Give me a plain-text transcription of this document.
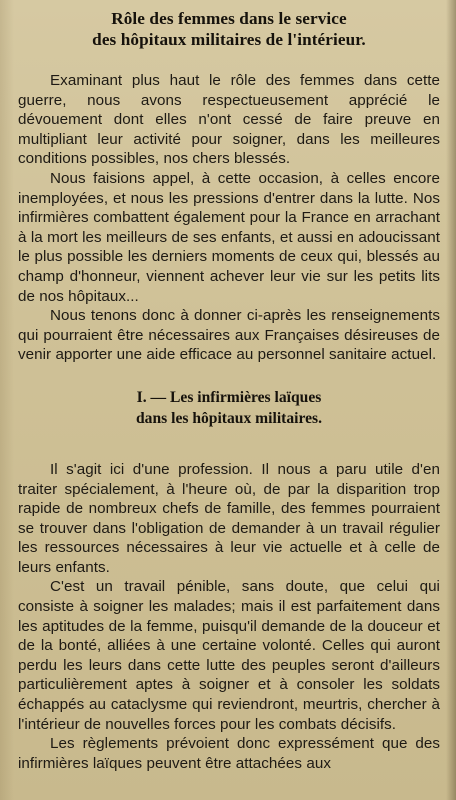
Rôle des femmes dans le service
des hôpitaux militaires de l'intérieur.

Examinant plus haut le rôle des femmes dans cette guerre, nous avons respectueusement apprécié le dévouement dont elles n'ont cessé de faire preuve en multipliant leur activité pour soigner, dans les meilleures conditions possibles, nos chers blessés.

Nous faisions appel, à cette occasion, à celles encore inemployées, et nous les pressions d'entrer dans la lutte. Nos infirmières combattent également pour la France en arrachant à la mort les meilleurs de ses enfants, et aussi en adoucissant le plus possible les derniers moments de ceux qui, blessés au champ d'honneur, viennent achever leur vie sur les petits lits de nos hôpitaux...

Nous tenons donc à donner ci-après les renseignements qui pourraient être nécessaires aux Françaises désireuses de venir apporter une aide efficace au personnel sanitaire actuel.

I. — Les infirmières laïques
dans les hôpitaux militaires.

Il s'agit ici d'une profession. Il nous a paru utile d'en traiter spécialement, à l'heure où, de par la disparition trop rapide de nombreux chefs de famille, des femmes pourraient se trouver dans l'obligation de demander à un travail régulier les ressources nécessaires à leur vie actuelle et à celle de leurs enfants.

C'est un travail pénible, sans doute, que celui qui consiste à soigner les malades; mais il est parfaitement dans les aptitudes de la femme, puisqu'il demande de la douceur et de la bonté, alliées à une certaine volonté. Celles qui auront perdu les leurs dans cette lutte des peuples seront d'ailleurs particulièrement aptes à soigner et à consoler les soldats échappés au cataclysme qui reviendront, meurtris, chercher à l'intérieur de nouvelles forces pour les combats décisifs.

Les règlements prévoient donc expressément que des infirmières laïques peuvent être attachées aux
